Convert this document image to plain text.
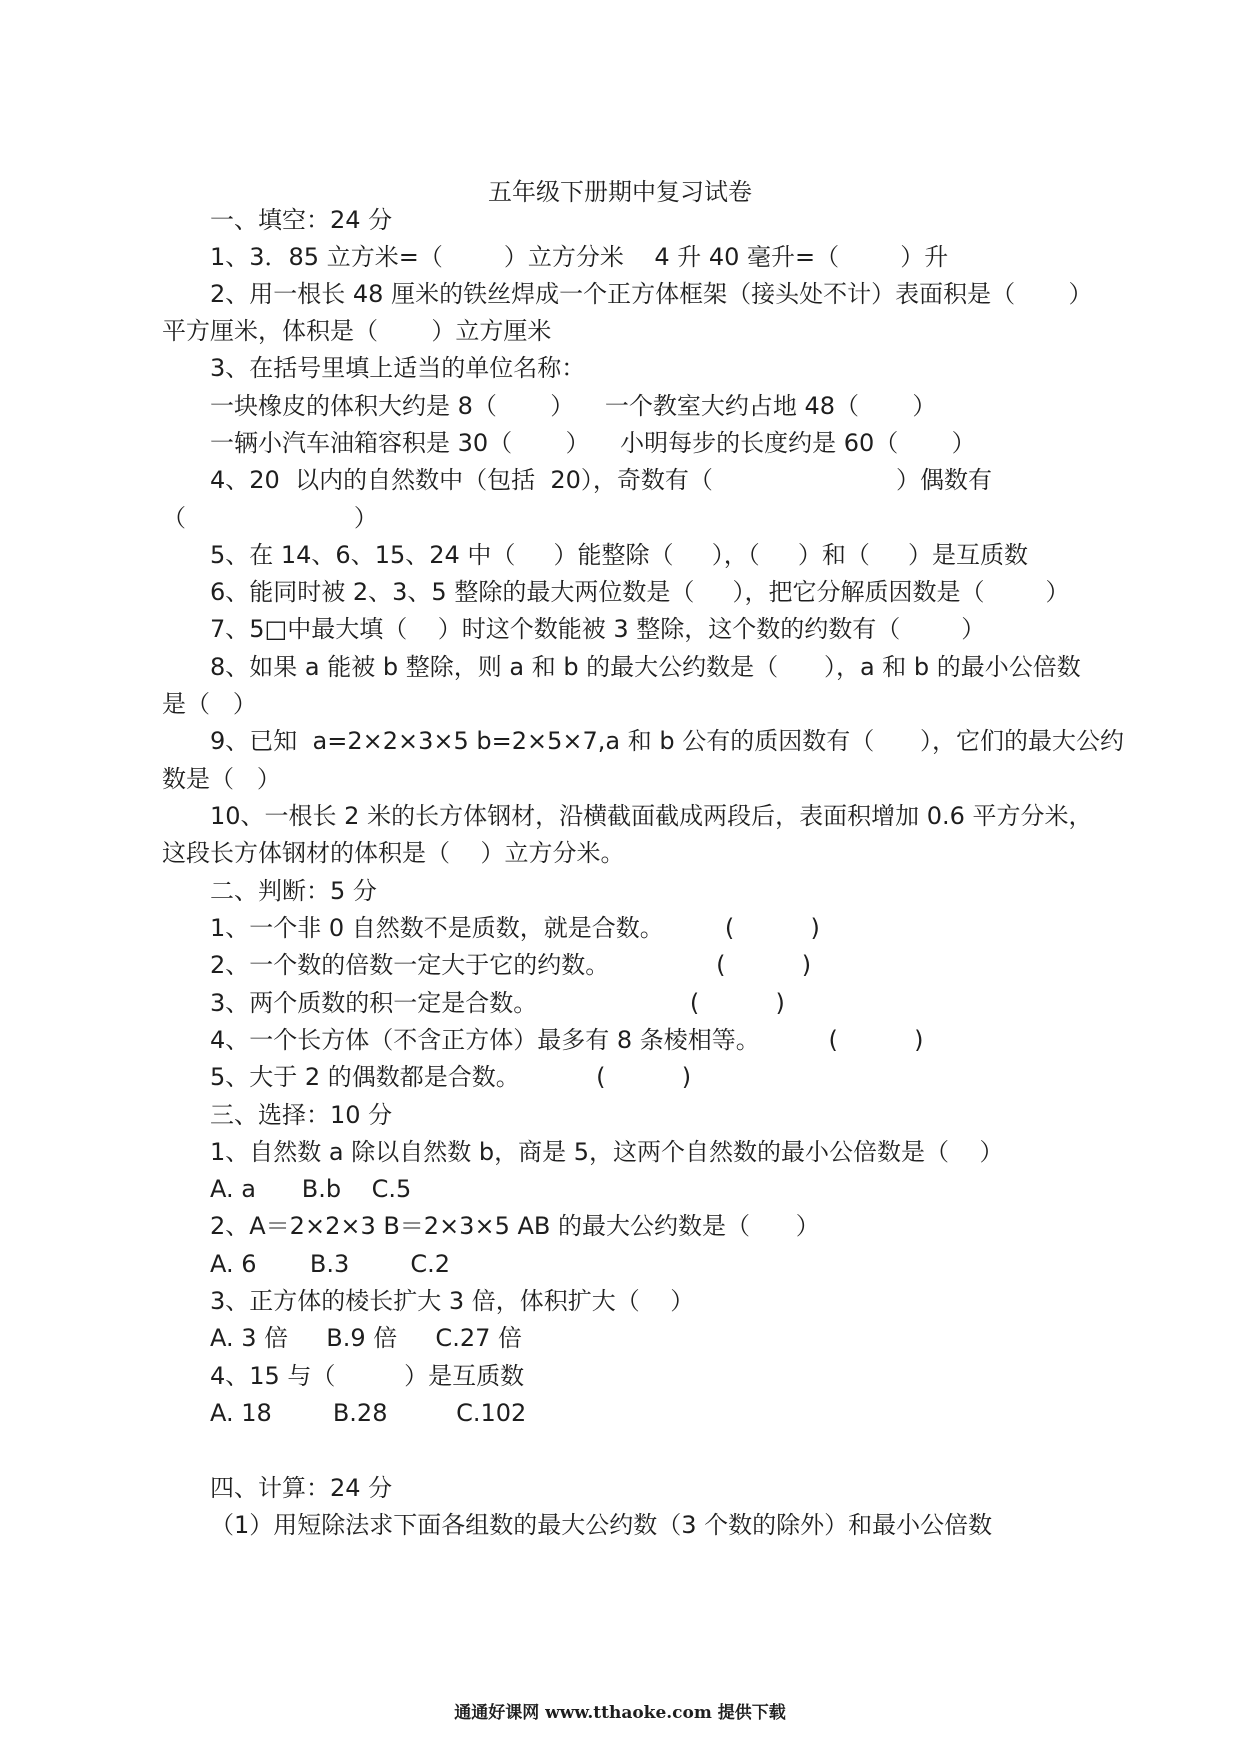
五年级下册期中复习试卷
一、填空：24 分
1、3．85 立方米=（        ）立方分米    4 升 40 毫升=（        ）升
2、用一根长 48 厘米的铁丝焊成一个正方体框架（接头处不计）表面积是（       ）
平方厘米，体积是（       ）立方厘米
3、在括号里填上适当的单位名称：
一块橡皮的体积大约是 8（       ）    一个教室大约占地 48（       ）
一辆小汽车油箱容积是 30（       ）    小明每步的长度约是 60（       ）
4、20  以内的自然数中（包括  20），奇数有（                        ）偶数有
（                      ）
5、在 14、6、15、24 中（     ）能整除（     ），（     ）和（     ）是互质数
6、能同时被 2、3、5 整除的最大两位数是（     ），把它分解质因数是（        ）
7、5□中最大填（    ）时这个数能被 3 整除，这个数的约数有（        ）
8、如果 a 能被 b 整除，则 a 和 b 的最大公约数是（      ），a 和 b 的最小公倍数
是（   ）
9、已知  a=2×2×3×5 b=2×5×7,a 和 b 公有的质因数有（      ），它们的最大公约
数是（   ）
10、一根长 2 米的长方体钢材，沿横截面截成两段后，表面积增加 0.6 平方分米，
这段长方体钢材的体积是（    ）立方分米。
二、判断：5 分
1、一个非 0 自然数不是质数，就是合数。        (          )
2、一个数的倍数一定大于它的约数。              (          )
3、两个质数的积一定是合数。                    (          )
4、一个长方体（不含正方体）最多有 8 条棱相等。         (          )
5、大于 2 的偶数都是合数。          (          )
三、选择：10 分
1、自然数 a 除以自然数 b，商是 5，这两个自然数的最小公倍数是（    ）
A. a      B.b    C.5
2、A＝2×2×3 B＝2×3×5 AB 的最大公约数是（      ）
A. 6       B.3        C.2
3、正方体的棱长扩大 3 倍，体积扩大（    ）
A. 3 倍     B.9 倍     C.27 倍
4、15 与（         ）是互质数
A. 18        B.28         C.102
四、计算：24 分
（1）用短除法求下面各组数的最大公约数（3 个数的除外）和最小公倍数
通通好课网 www.tthaoke.com 提供下载
